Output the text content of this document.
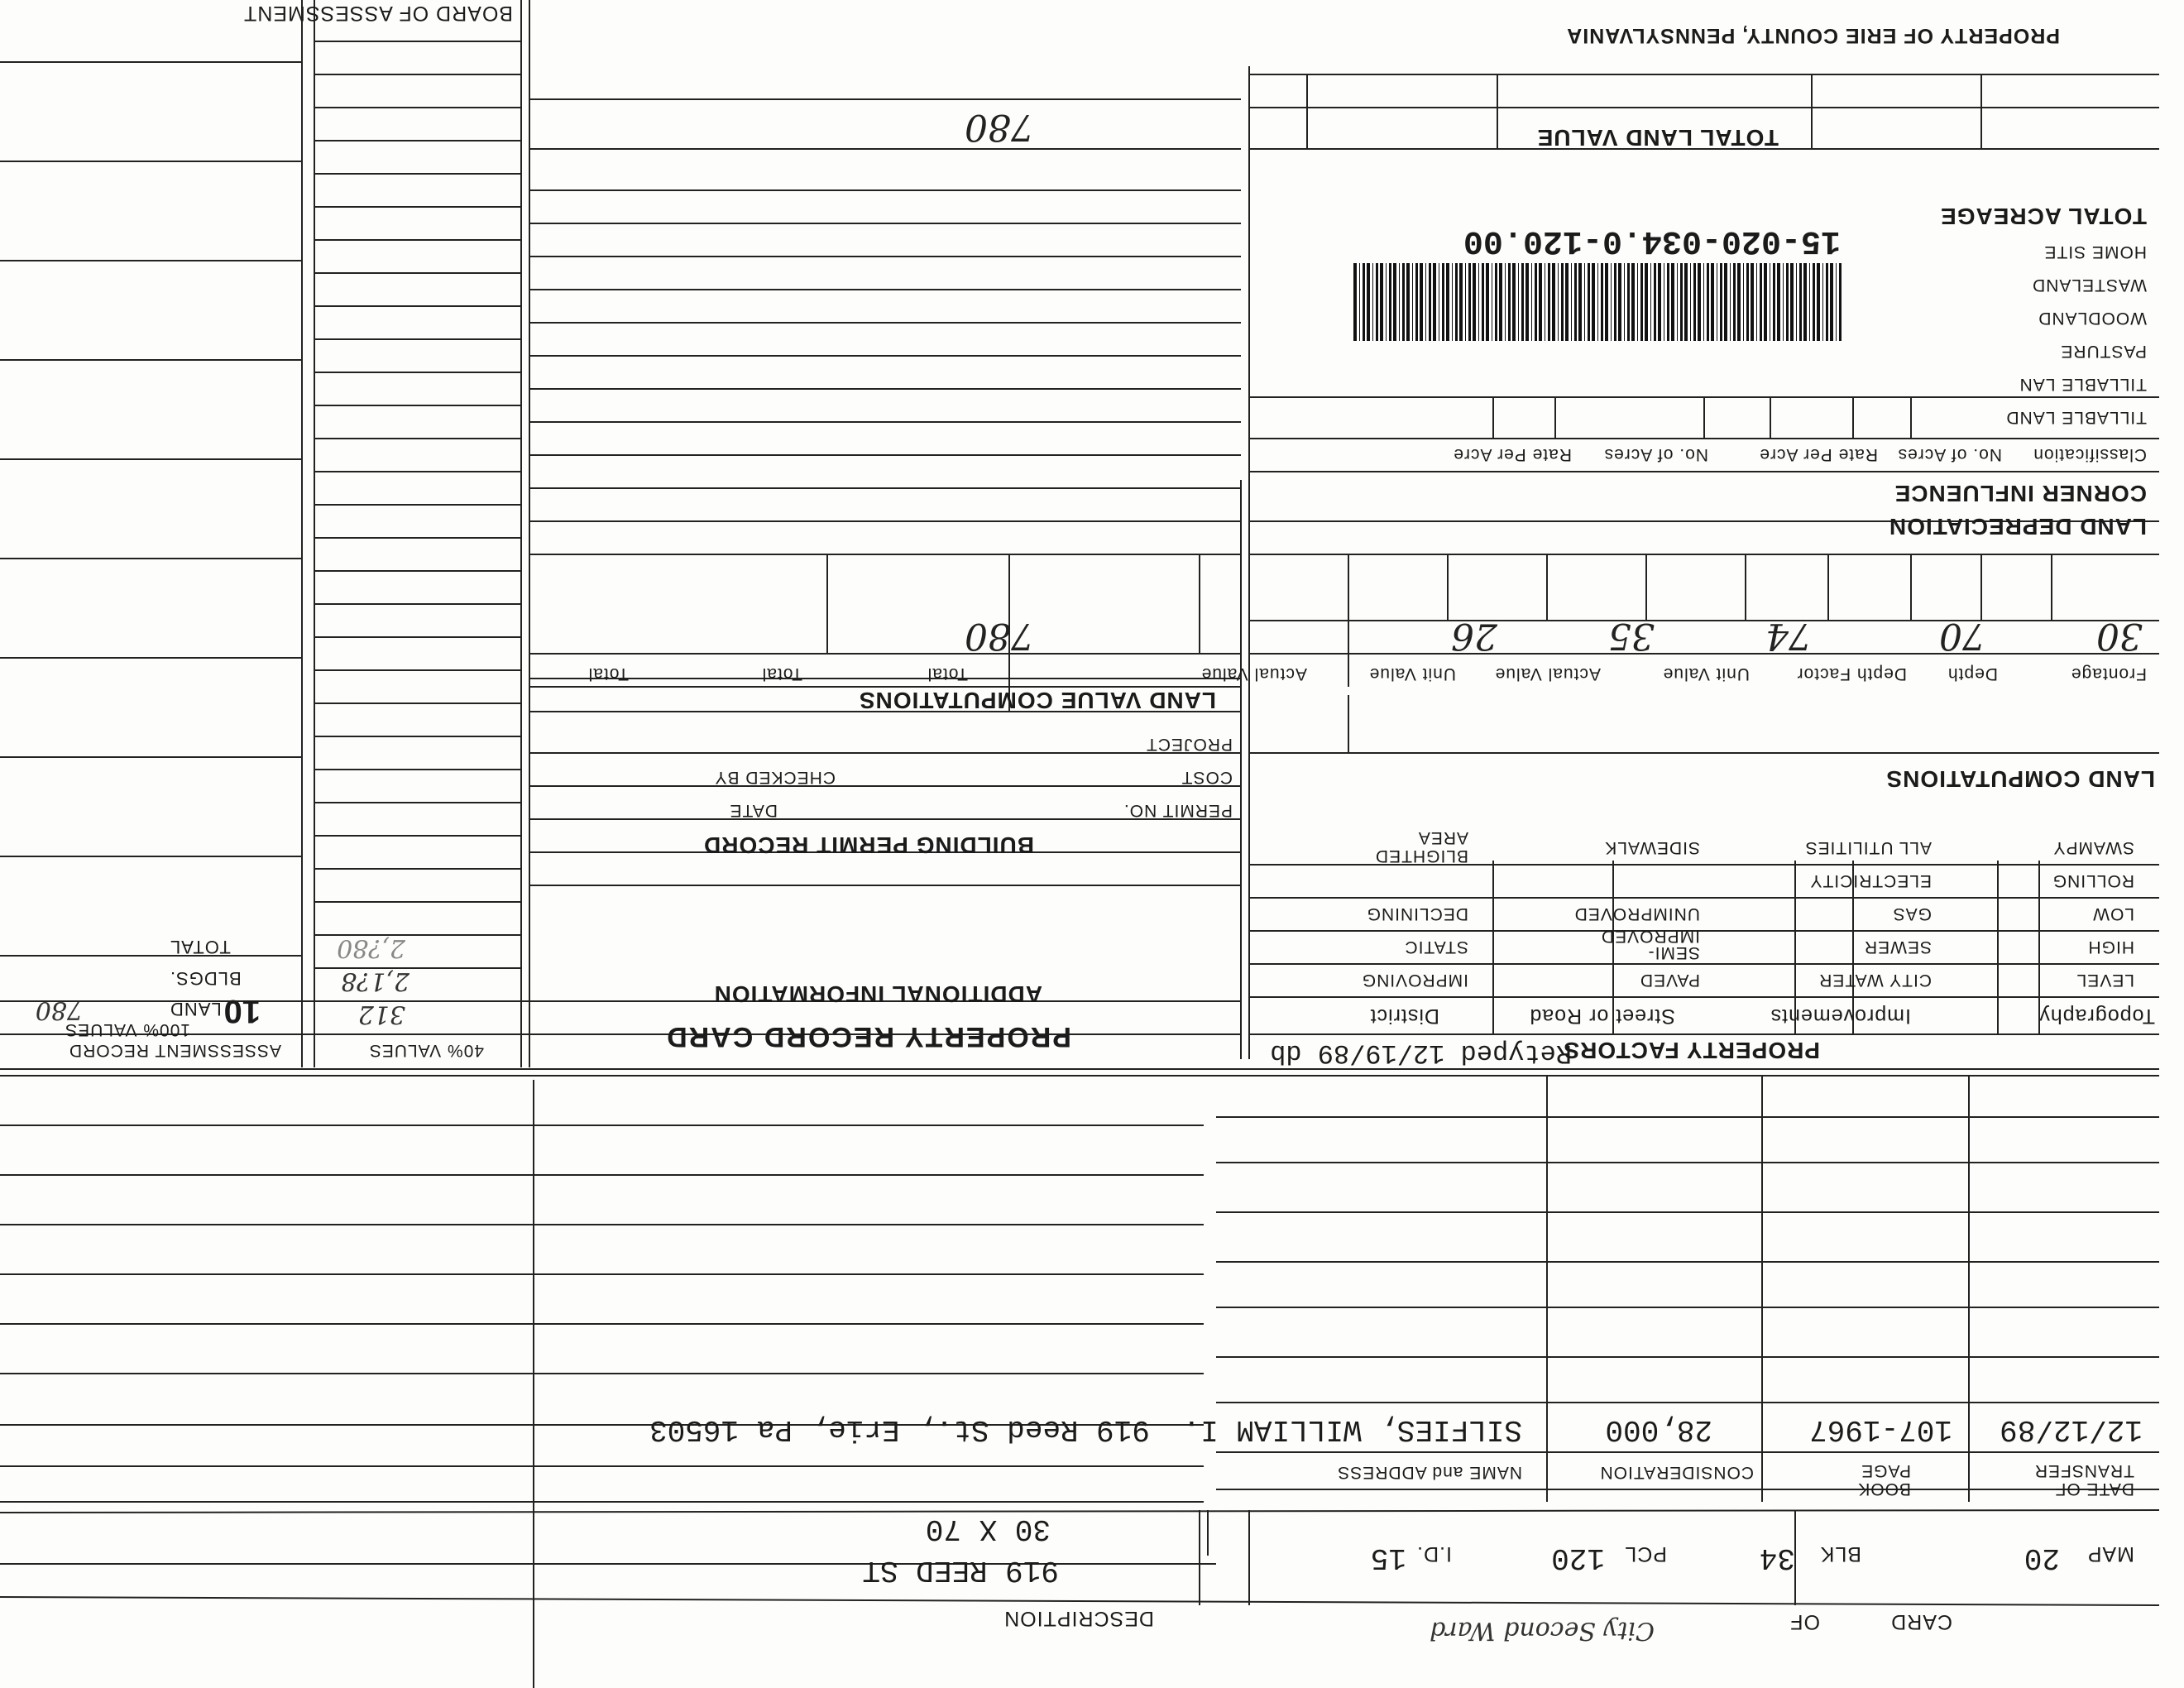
DESCRIPTION
919 REED ST
30 X 70
CARD
OF
City Second Ward
MAP
20
BLK
34
PCL
120
I.D.
15
DATE OF
TRANSFER
BOOK
PAGE
CONSIDERATION
NAME and ADDRESS
12/12/89
107-1967
28,000
SILFIES, WILLIAM I.
919 Reed St., Erie, Pa 16503
PROPERTY FACTORS
Retyped 12/19/89 db
Topography
Improvements
Street or Road
District
LEVEL
HIGH
LOW
ROLLING
SWAMPY
CITY WATER
SEWER
GAS
ELECTRICITY
ALL UTILITIES
PAVED
SEMI-
IMPROVED
UNIMPROVED
SIDEWALK
IMPROVING
STATIC
DECLINING
BLIGHTED
AREA
LAND COMPUTATIONS
PROPERTY RECORD CARD
ADDITIONAL INFORMATION
40% VALUES
312
2,1?8
2,?80
ASSESSMENT RECORD
100% VALUES
780	10
LAND
BLDGS.
TOTAL
BUILDING PERMIT RECORD
PERMIT NO.
DATE
COST
CHECKED BY
PROJECT
LAND VALUE COMPUTATIONS
Frontage
Depth
Depth Factor
Unit Value
Actual Value
Unit Value
Actual Value
Total
Total
Total
30
70
74
35
26
780
LAND DEPRECIATION
CORNER INFLUENCE
Classification
No. of Acres
Rate Per Acre
No. of Acres
Rate Per Acre
TILLABLE LAND
TILLABLE LAN
PASTURE
WOODLAND
WASTELAND
HOME SITE
TOTAL ACREAGE
TOTAL LAND VALUE
780
15-020-034.0-120.00
PROPERTY OF ERIE COUNTY, PENNSYLVANIA
BOARD OF ASSESSMENT
